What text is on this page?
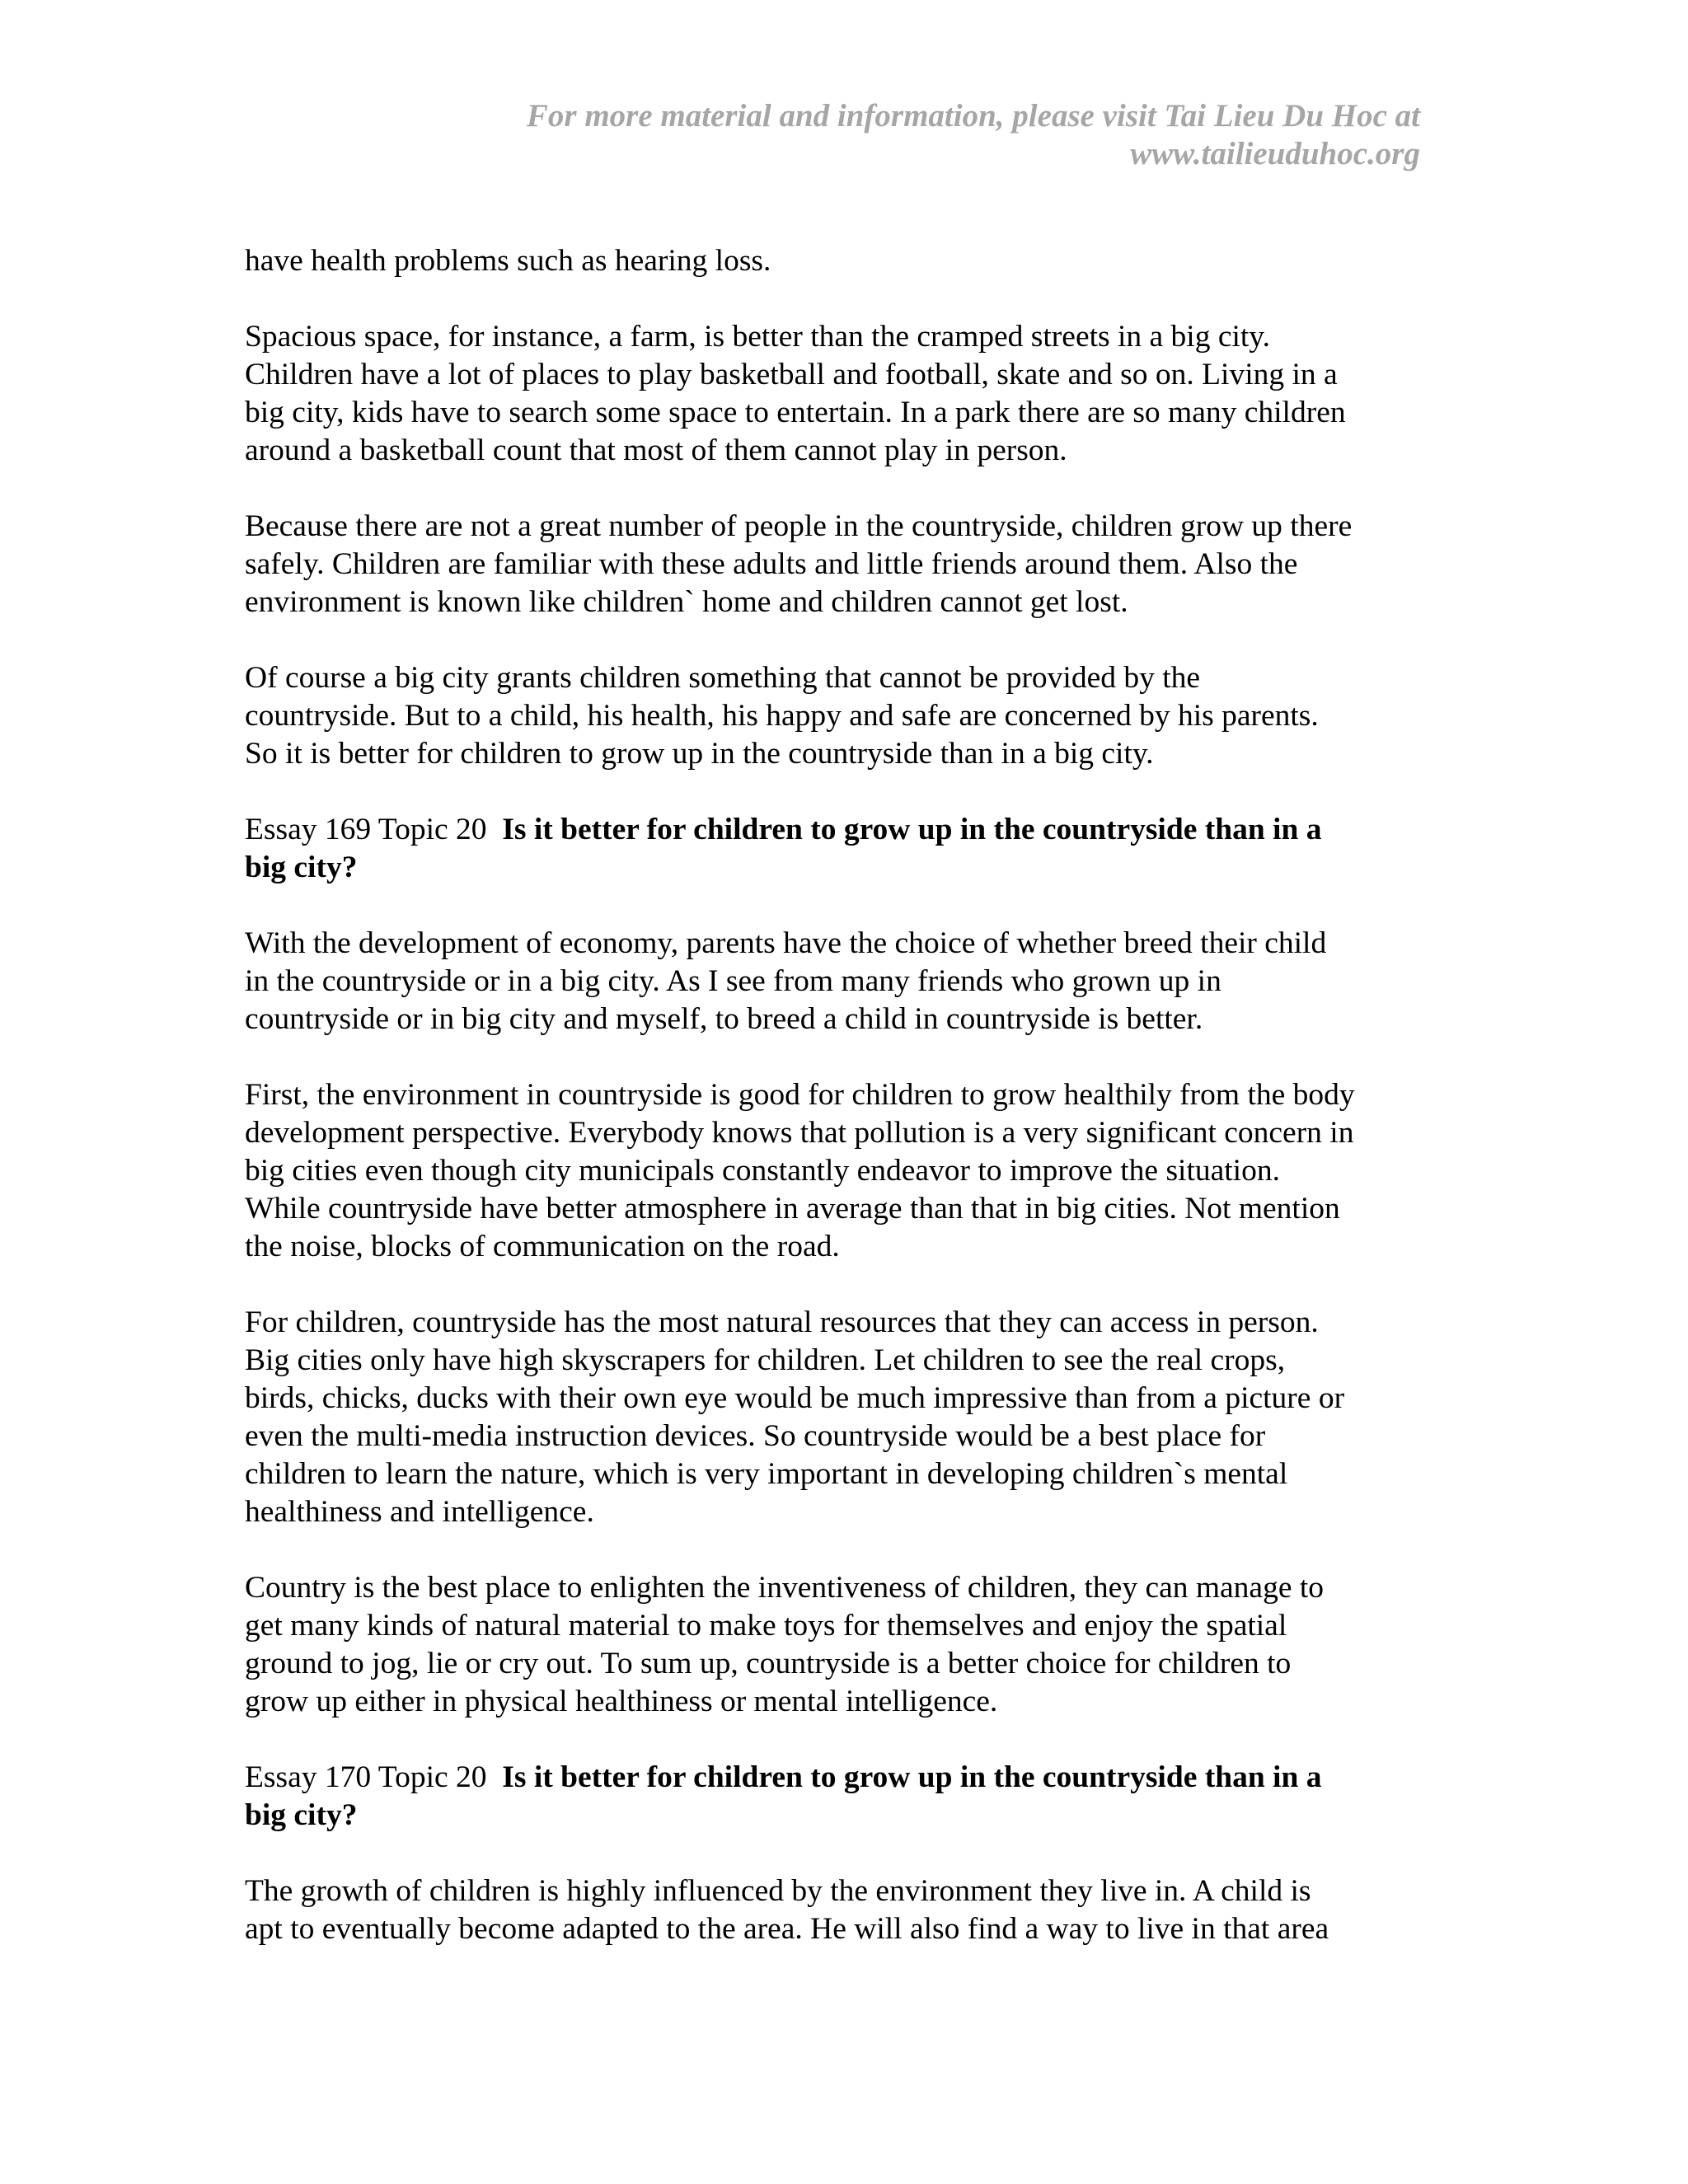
For more material and information, please visit Tai Lieu Du Hoc at
www.tailieuduhoc.org

have health problems such as hearing loss.

Spacious space, for instance, a farm, is better than the cramped streets in a big city.
Children have a lot of places to play basketball and football, skate and so on. Living in a
big city, kids have to search some space to entertain. In a park there are so many children
around a basketball count that most of them cannot play in person.

Because there are not a great number of people in the countryside, children grow up there
safely. Children are familiar with these adults and little friends around them. Also the
environment is known like children` home and children cannot get lost.

Of course a big city grants children something that cannot be provided by the
countryside. But to a child, his health, his happy and safe are concerned by his parents.
So it is better for children to grow up in the countryside than in a big city.

Essay 169 Topic 20 Is it better for children to grow up in the countryside than in a
big city?

With the development of economy, parents have the choice of whether breed their child
in the countryside or in a big city. As I see from many friends who grown up in
countryside or in big city and myself, to breed a child in countryside is better.

First, the environment in countryside is good for children to grow healthily from the body
development perspective. Everybody knows that pollution is a very significant concern in
big cities even though city municipals constantly endeavor to improve the situation.
While countryside have better atmosphere in average than that in big cities. Not mention
the noise, blocks of communication on the road.

For children, countryside has the most natural resources that they can access in person.
Big cities only have high skyscrapers for children. Let children to see the real crops,
birds, chicks, ducks with their own eye would be much impressive than from a picture or
even the multi-media instruction devices. So countryside would be a best place for
children to learn the nature, which is very important in developing children`s mental
healthiness and intelligence.

Country is the best place to enlighten the inventiveness of children, they can manage to
get many kinds of natural material to make toys for themselves and enjoy the spatial
ground to jog, lie or cry out. To sum up, countryside is a better choice for children to
grow up either in physical healthiness or mental intelligence.

Essay 170 Topic 20 Is it better for children to grow up in the countryside than in a
big city?

The growth of children is highly influenced by the environment they live in. A child is
apt to eventually become adapted to the area. He will also find a way to live in that area
